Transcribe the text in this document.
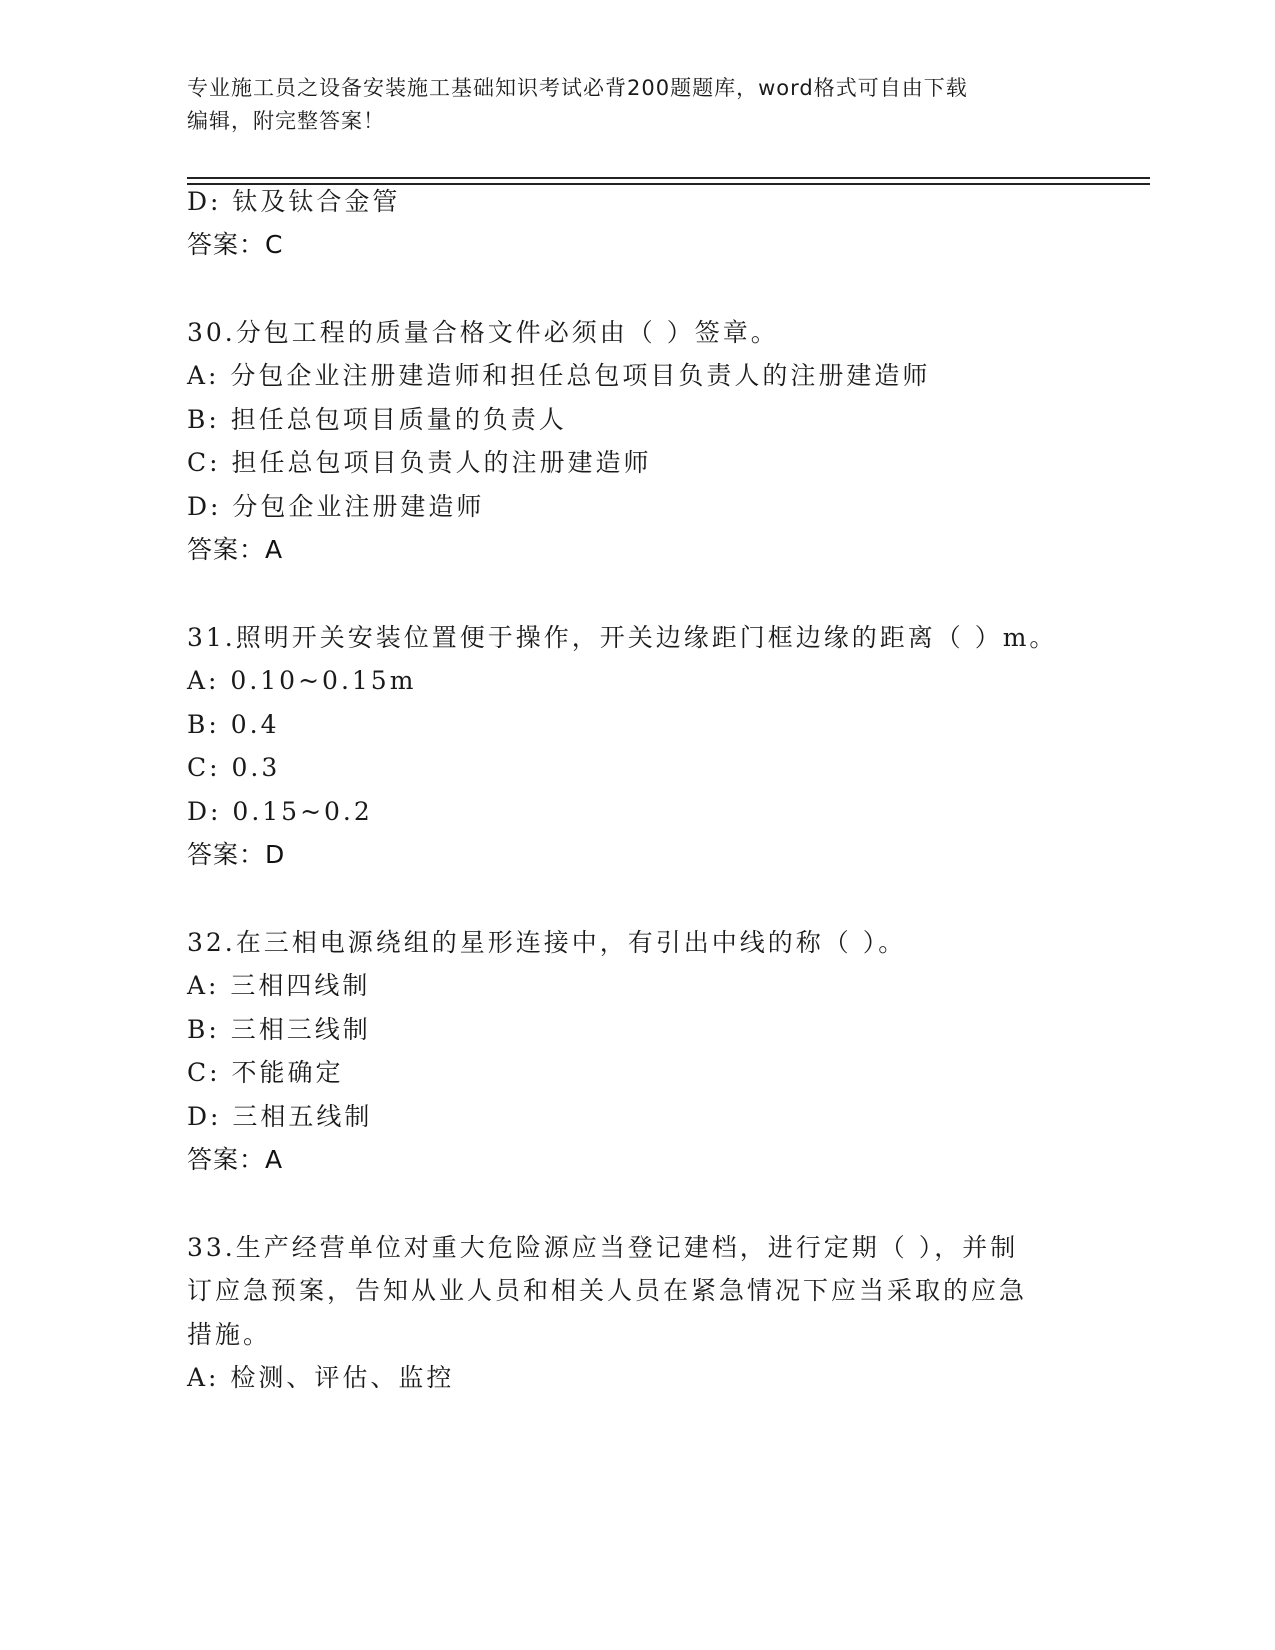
专业施工员之设备安装施工基础知识考试必背200题题库，word格式可自由下载
编辑，附完整答案！
D: 钛及钛合金管
答案：C
30.分包工程的质量合格文件必须由（ ）签章。
A: 分包企业注册建造师和担任总包项目负责人的注册建造师
B: 担任总包项目质量的负责人
C: 担任总包项目负责人的注册建造师
D: 分包企业注册建造师
答案：A
31.照明开关安装位置便于操作，开关边缘距门框边缘的距离（ ）m。
A: 0.10~0.15m
B: 0.4
C: 0.3
D: 0.15~0.2
答案：D
32.在三相电源绕组的星形连接中，有引出中线的称（ ）。
A: 三相四线制
B: 三相三线制
C: 不能确定
D: 三相五线制
答案：A
33.生产经营单位对重大危险源应当登记建档，进行定期（ ），并制
订应急预案，告知从业人员和相关人员在紧急情况下应当采取的应急
措施。
A: 检测、评估、监控
